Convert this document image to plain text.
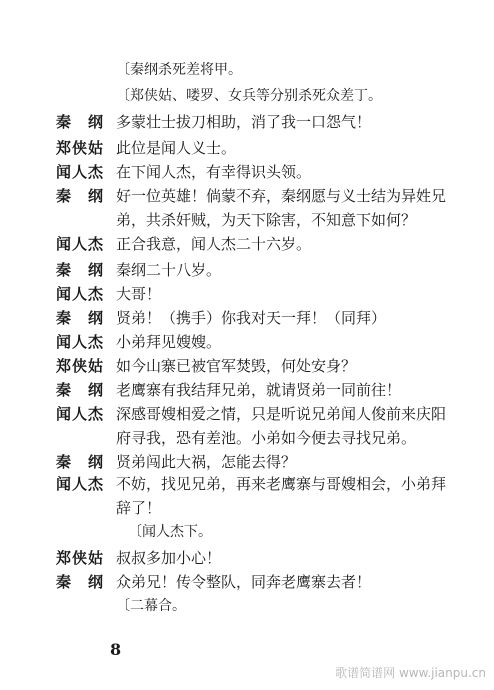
〔秦纲杀死差将甲。
〔郑侠姑、喽罗、女兵等分别杀死众差丁。
秦　纲 多蒙壮士拔刀相助，消了我一口怨气！
郑侠姑 此位是闻人义士。
闻人杰 在下闻人杰，有幸得识头领。
秦　纲 好一位英雄！倘蒙不弃，秦纲愿与义士结为异姓兄
弟，共杀奸贼，为天下除害，不知意下如何？
闻人杰 正合我意，闻人杰二十六岁。
秦　纲 秦纲二十八岁。
闻人杰 大哥！
秦　纲 贤弟！（携手）你我对天一拜！（同拜）
闻人杰 小弟拜见嫂嫂。
郑侠姑 如今山寨已被官军焚毁，何处安身？
秦　纲 老鹰寨有我结拜兄弟，就请贤弟一同前往！
闻人杰 深感哥嫂相爱之情，只是听说兄弟闻人俊前来庆阳
府寻我，恐有差池。小弟如今便去寻找兄弟。
秦　纲 贤弟闯此大祸，怎能去得？
闻人杰 不妨，找见兄弟，再来老鹰寨与哥嫂相会，小弟拜
辞了！
〔闻人杰下。
郑侠姑 叔叔多加小心！
秦　纲 众弟兄！传令整队，同奔老鹰寨去者！
〔二幕合。
8
歌谱简谱网 www.jianpu.cn
